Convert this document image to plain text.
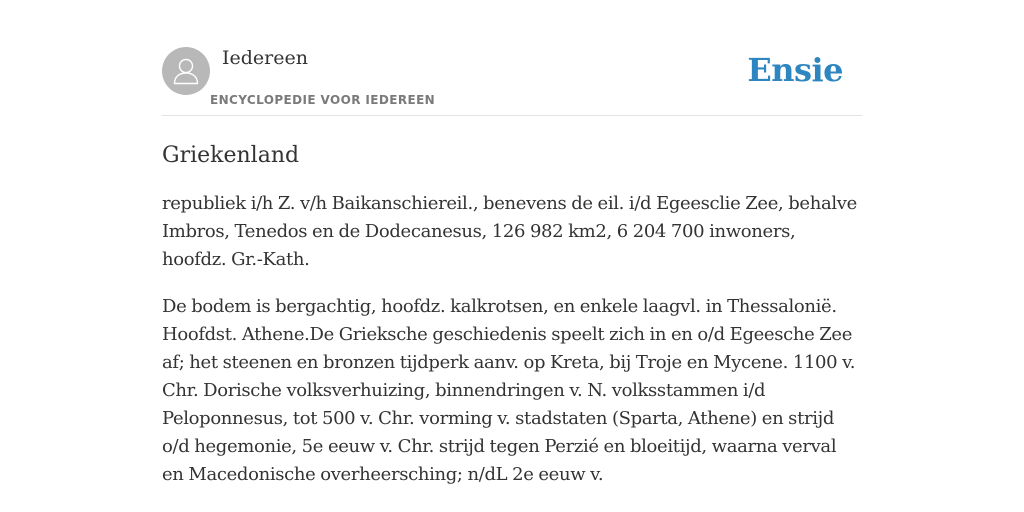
Iedereen
ENCYCLOPEDIE VOOR IEDEREEN
Ensie
Griekenland

republiek i/h Z. v/h Baikanschiereil., benevens de eil. i/d Egeesclie Zee, behalve Imbros, Tenedos en de Dodecanesus, 126 982 km2, 6 204 700 inwoners, hoofdz. Gr.-Kath.

De bodem is bergachtig, hoofdz. kalkrotsen, en enkele laagvl. in Thessalonië. Hoofdst. Athene.De Grieksche geschiedenis speelt zich in en o/d Egeesche Zee af; het steenen en bronzen tijdperk aanv. op Kreta, bij Troje en Mycene. 1100 v. Chr. Dorische volksverhuizing, binnendringen v. N. volksstammen i/d Peloponnesus, tot 500 v. Chr. vorming v. stadstaten (Sparta, Athene) en strijd o/d hegemonie, 5e eeuw v. Chr. strijd tegen Perzié en bloeitijd, waarna verval en Macedonische overheersching; n/dL 2e eeuw v.
